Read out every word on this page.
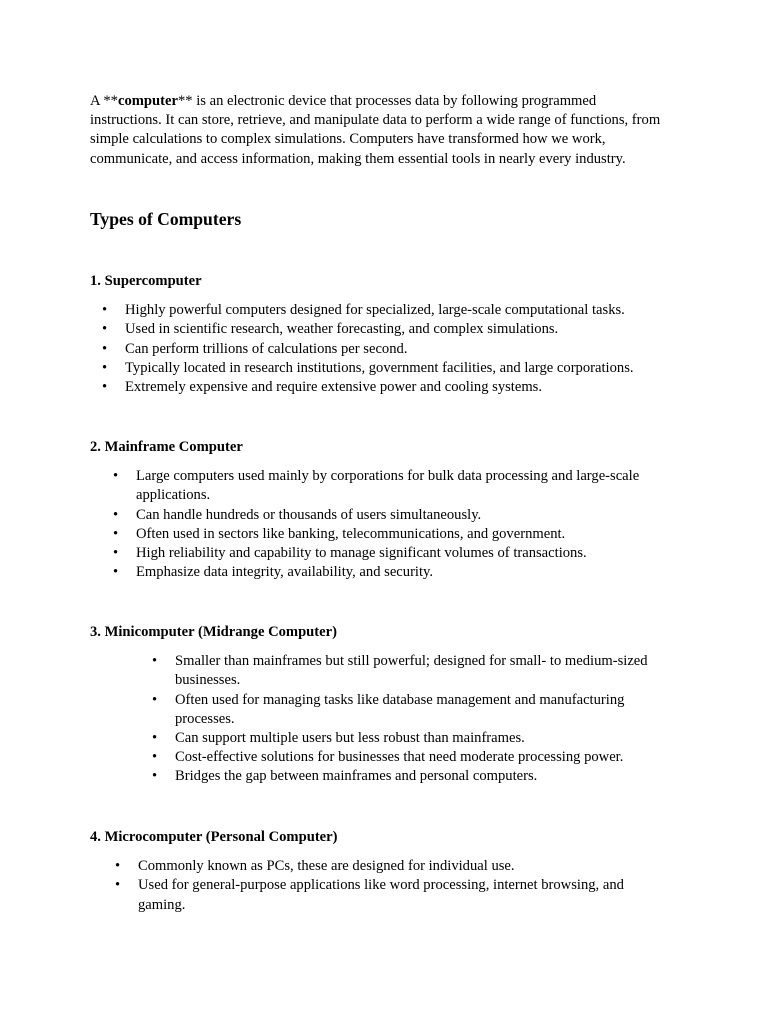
A **computer** is an electronic device that processes data by following programmed instructions. It can store, retrieve, and manipulate data to perform a wide range of functions, from simple calculations to complex simulations. Computers have transformed how we work, communicate, and access information, making them essential tools in nearly every industry.

Types of Computers

1. Supercomputer

• Highly powerful computers designed for specialized, large-scale computational tasks.
• Used in scientific research, weather forecasting, and complex simulations.
• Can perform trillions of calculations per second.
• Typically located in research institutions, government facilities, and large corporations.
• Extremely expensive and require extensive power and cooling systems.

2. Mainframe Computer

• Large computers used mainly by corporations for bulk data processing and large-scale applications.
• Can handle hundreds or thousands of users simultaneously.
• Often used in sectors like banking, telecommunications, and government.
• High reliability and capability to manage significant volumes of transactions.
• Emphasize data integrity, availability, and security.

3. Minicomputer (Midrange Computer)

• Smaller than mainframes but still powerful; designed for small- to medium-sized businesses.
• Often used for managing tasks like database management and manufacturing processes.
• Can support multiple users but less robust than mainframes.
• Cost-effective solutions for businesses that need moderate processing power.
• Bridges the gap between mainframes and personal computers.

4. Microcomputer (Personal Computer)

• Commonly known as PCs, these are designed for individual use.
• Used for general-purpose applications like word processing, internet browsing, and gaming.
